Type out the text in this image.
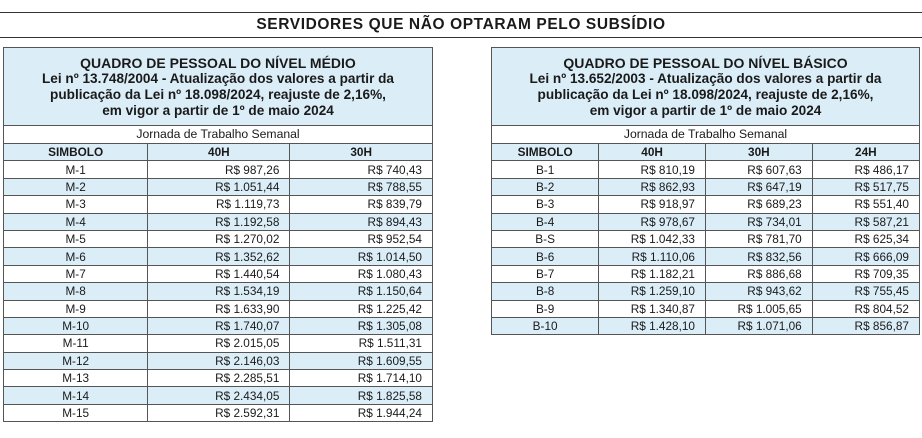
SERVIDORES QUE NÃO OPTARAM PELO SUBSÍDIO
QUADRO DE PESSOAL DO NÍVEL MÉDIO
Lei nº 13.748/2004 - Atualização dos valores a partir da
publicação da Lei nº 18.098/2024, reajuste de 2,16%,
em vigor a partir de 1º de maio 2024
Jornada de Trabalho Semanal
SIMBOLO	40H	30H
M-1	R$ 987,26	R$ 740,43
M-2	R$ 1.051,44	R$ 788,55
M-3	R$ 1.119,73	R$ 839,79
M-4	R$ 1.192,58	R$ 894,43
M-5	R$ 1.270,02	R$ 952,54
M-6	R$ 1.352,62	R$ 1.014,50
M-7	R$ 1.440,54	R$ 1.080,43
M-8	R$ 1.534,19	R$ 1.150,64
M-9	R$ 1.633,90	R$ 1.225,42
M-10	R$ 1.740,07	R$ 1.305,08
M-11	R$ 2.015,05	R$ 1.511,31
M-12	R$ 2.146,03	R$ 1.609,55
M-13	R$ 2.285,51	R$ 1.714,10
M-14	R$ 2.434,05	R$ 1.825,58
M-15	R$ 2.592,31	R$ 1.944,24
QUADRO DE PESSOAL DO NÍVEL BÁSICO
Lei nº 13.652/2003 - Atualização dos valores a partir da
publicação da Lei nº 18.098/2024, reajuste de 2,16%,
em vigor a partir de 1º de maio 2024
Jornada de Trabalho Semanal
SIMBOLO	40H	30H	24H
B-1	R$ 810,19	R$ 607,63	R$ 486,17
B-2	R$ 862,93	R$ 647,19	R$ 517,75
B-3	R$ 918,97	R$ 689,23	R$ 551,40
B-4	R$ 978,67	R$ 734,01	R$ 587,21
B-S	R$ 1.042,33	R$ 781,70	R$ 625,34
B-6	R$ 1.110,06	R$ 832,56	R$ 666,09
B-7	R$ 1.182,21	R$ 886,68	R$ 709,35
B-8	R$ 1.259,10	R$ 943,62	R$ 755,45
B-9	R$ 1.340,87	R$ 1.005,65	R$ 804,52
B-10	R$ 1.428,10	R$ 1.071,06	R$ 856,87
